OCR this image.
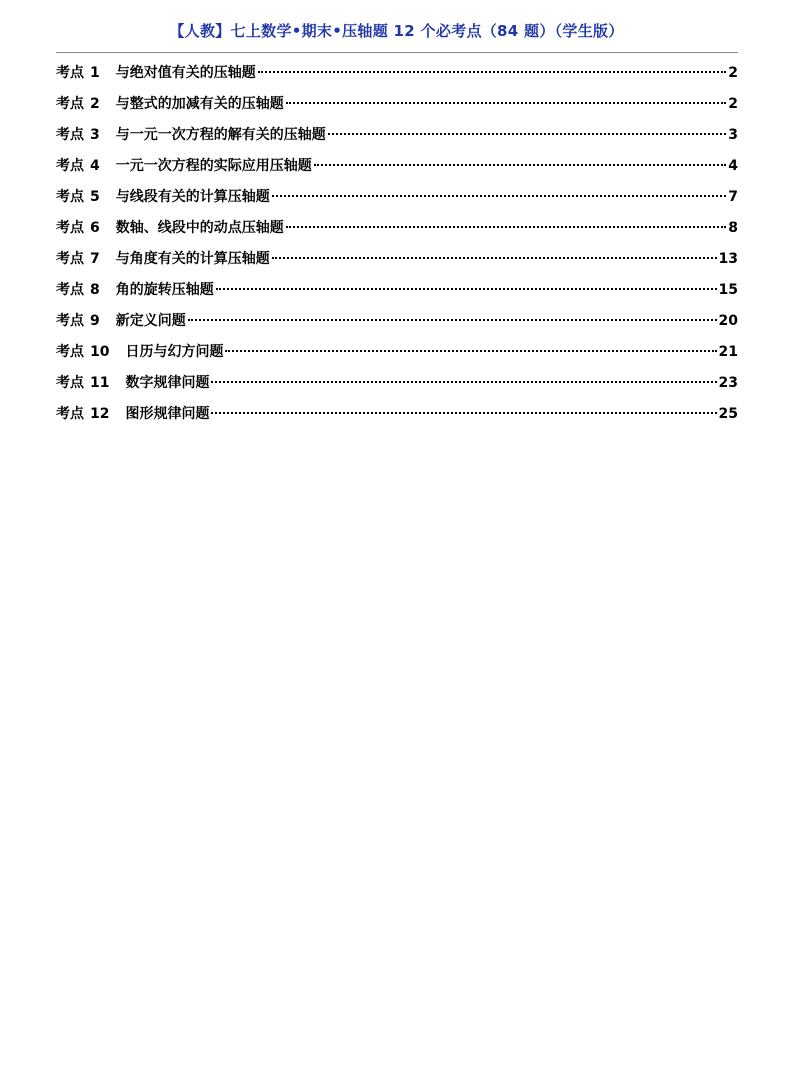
【人教】七上数学•期末•压轴题 12 个必考点（84 题）（学生版）
考点 1 与绝对值有关的压轴题	2
考点 2 与整式的加减有关的压轴题	2
考点 3 与一元一次方程的解有关的压轴题	3
考点 4 一元一次方程的实际应用压轴题	4
考点 5 与线段有关的计算压轴题	7
考点 6 数轴、线段中的动点压轴题	8
考点 7 与角度有关的计算压轴题	13
考点 8 角的旋转压轴题	15
考点 9 新定义问题	20
考点 10 日历与幻方问题	21
考点 11 数字规律问题	23
考点 12 图形规律问题	25
